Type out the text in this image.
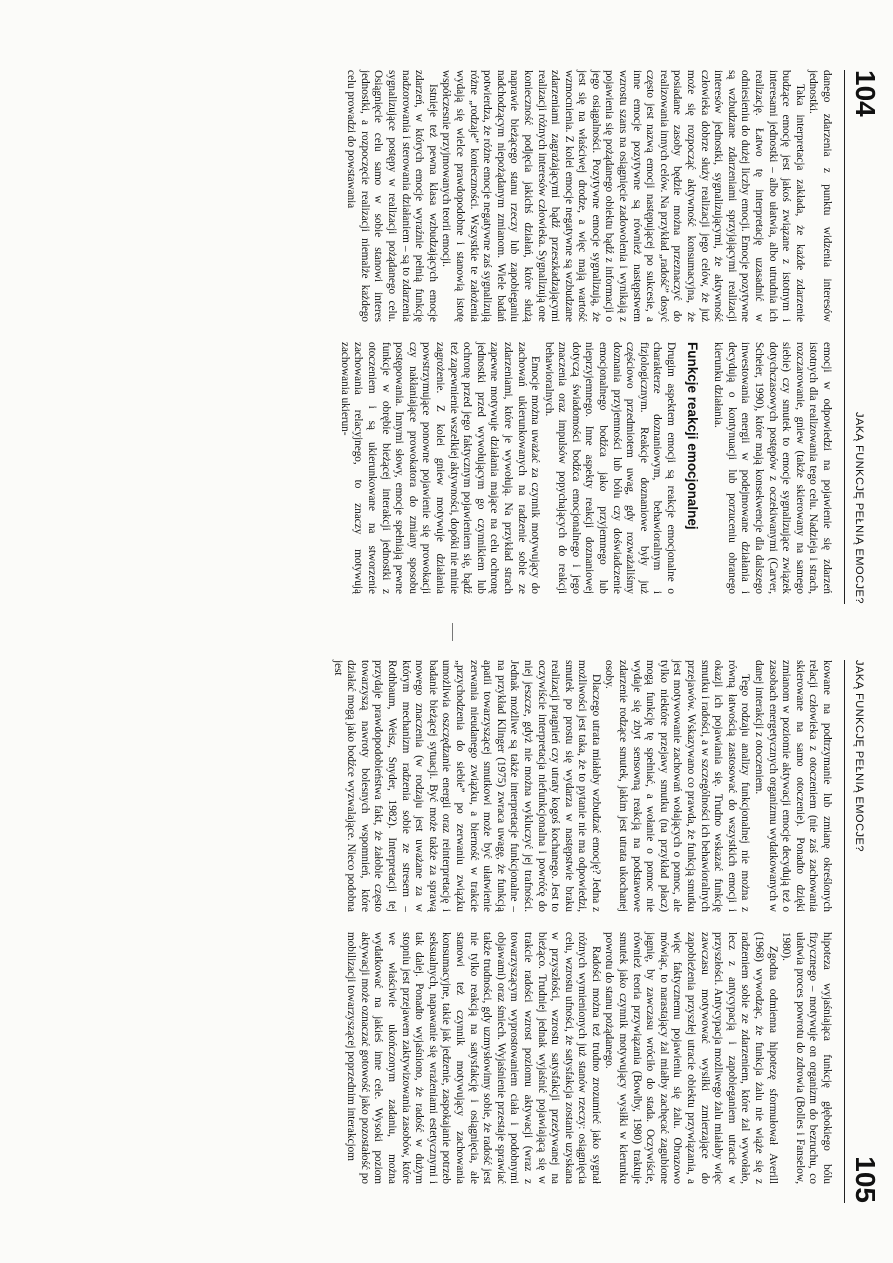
104
JAKĄ FUNKCJĘ PEŁNIĄ EMOCJE?

danego zdarzenia z punktu widzenia interesów jednostki.

Taka interpretacja zakłada, że każde zdarzenie budzące emocję jest jakoś związane z istotnym i interesami jednostki – albo ułatwia, albo utrudnia ich realizację. Łatwo tę interpretację uzasadnić w odniesieniu do dużej liczby emocji. Emocje pozytywne są wzbudzane zdarzeniami sprzyjającymi realizacji interesów jednostki, sygnalizującymi, że aktywność człowieka dobrze służy realizacji jego celów, że już może się rozpocząć aktywność konsumacyjna, że posiadane zasoby będzie można przeznaczyć do realizowania innych celów. Na przykład „radość” dosyć często jest nazwą emocji następującej po sukcesie, a inne emocje pozytywne są również następstwem wzrostu szans na osiągnięcie zadowolenia i wynikają z pojawienia się pożądanego obiektu bądź z informacji o jego osiągalności. Pozytywne emocje sygnalizują, że jest się na właściwej drodze, a więc mają wartość wzmocnienia. Z kolei emocje negatywne są wzbudzane zdarzeniami zagrażającymi bądź przeszkadzającymi realizacji różnych interesów człowieka. Sygnalizują one konieczność podjęcia jakichś działań, które służą naprawie bieżącego stanu rzeczy lub zapobieganiu nadchodzącym niepożądanym zmianom. Wiele badań potwierdza, że różne emocje negatywne zaś sygnalizują różne „rodzaje” konieczności. Wszystkie te założenia wydają się wielce prawdopodobne i stanowią istotę współczesnie przyjmowanych teorii emocji.

Istnieje też pewna klasa wzbudzających emocje zdarzeń, w których emocje wyraźnie pełnią funkcję nadzorowania i sterowania działaniem – są to zdarzenia sygnalizujące postępy w realizacji pożądanego celu. Osiągnięcie celu samo w sobie stanowi interes jednostki, a rozpoczęcie realizacji niemalże każdego celu prowadzi do powstawania

emocji w odpowiedzi na pojawienie się zdarzeń istotnych dla realizowania tego celu. Nadzieja i strach, rozczarowanie, gniew (także skierowany na samego siebie) czy smutek to emocje sygnalizujące związek dotychczasowych postępów z oczekiwanymi (Carver, Scheier, 1990), które mają konsekwencje dla dalszego inwestowania energii w podejmowane działania i decydują o kontynuacji lub porzuceniu obranego kierunku działania.

Funkcje reakcji emocjonalnej

Drugim aspektem emocji są reakcje emocjonalne o charakterze doznaniowym, behawioralnym i fizjologicznym. Reakcje doznaniowe były już częściowo przedmiotem uwag, gdy rozważaliśmy doznania przyjemności lub bólu czy doświadczenie emocjonalnego bodźca jako przyjemnego lub nieprzyjemnego. Inne aspekty reakcji doznaniowej dotyczą świadomości bodźca emocjonalnego i jego znaczenia oraz impulsów popychających do reakcji behawioralnych.

Emocje można uważać za czynnik motywujący do zachowań ukierunkowanych na radzenie sobie ze zdarzeniami, które je wywołują. Na przykład strach zapewne motywuje działania mające na celu ochronę jednostki przed wywołującym go czynnikiem lub ochronę przed jego faktycznym pojawieniem się, bądź też zapewnienie wszelkiej aktywności, dopóki nie minie zagrożenie. Z kolei gniew motywuje działania powstrzymujące ponowne pojawienie się prowokacji czy nakłaniające prowokatora do zmiany sposobu postępowania. Innymi słowy, emocje spełniają pewne funkcje w obrębie bieżącej interakcji jednostki z otoczeniem i są ukierunkowane na stworzenie zachowania relacyjnego, to znaczy motywują zachowania ukierun-

JAKĄ FUNKCJĘ PEŁNIĄ EMOCJE?
105

kowane na podtrzymanie lub zmianę określonych relacji człowieka z otoczeniem (nie zaś zachowania skierowane na samo otoczenie). Ponadto dzięki zmianom w poziomie aktywacji emocje decydują też o zasobach energetycznych organizmu wydatkowanych w danej interakcji z otoczeniem.

Tego rodzaju analizy funkcjonalnej nie można z równą łatwością zastosować do wszystkich emocji i okazji ich pojawiania się. Trudno wskazać funkcję smutku i radości, a w szczególności ich behawioralnych przejawów. Wskazywano co prawda, że funkcją smutku jest motywowanie zachowań wołających o pomoc, ale tylko niektóre przejawy smutku (na przykład płacz) mogą funkcję tę spełniać, a wołanie o pomoc nie wydaje się zbyt sensowną reakcją na podstawowe zdarzenie rodzące smutek, jakim jest utrata ukochanej osoby.

Dlaczego utrata miałaby wzbudzać emocję? Jedna z możliwości jest taka, że to pytanie nie ma odpowiedzi, smutek po prostu się wydarza w następstwie braku realizacji pragnień czy utraty kogoś kochanego. Jest to oczywiście interpretacja niefunkcjonalna i powróćę do niej jeszcze, gdyż nie można wykluczyć jej trafności. Jednak możliwe są także interpretacje funkcjonalne – na przykład Klinger (1975) zwraca uwagę, że funkcją apatii towarzyszącej smutkowi może być ułatwienie zerwania nieudanego związku, a bierność w trakcie „przychodzenia do siebie” po zerwaniu związku umożliwia oszczędzanie energii oraz reinterpretację i badanie bieżącej sytuacji. Być może także za sprawą nowego znaczenia (w rodzaju jest uważane za w którym mechanizm radzenia sobie ze stresem – Rothbaum, Weisz, Snyder, 1982). Interpretacji tej przydaje prawdopodobieństwa fakt, że żałobie często towarzyszą nawroty bolesnych wspomnień, które działać mogą jako bodźce wyzwalające. Nieco podobna jest

hipoteza wyjaśniająca funkcję głębokiego bólu fizycznego – motywuje on organizm do bezruchu, co ułatwia proces powrotu do zdrowia (Bolles i Fanselow, 1980).

Zgodna odmienna hipotezę sformułował Averill (1968) wywodząc, że funkcja żalu nie wiąże się z radzeniem sobie ze zdarzeniem, które żal wywołało, lecz z antycypacją i zapobieganiem utracie w przyszłości. Antycypacja możliwego żalu miałaby więc zawczasu motywować wysiłki zmierzające do zapobieżenia przyszłej utracie obiektu przywiązania, a więc faktycznemu pojawieniu się żalu. Obrazowo mówiąc, to narastający żal miałby zachęcać zagubione jagnię, by zawczasu wróciło do stada. Oczywiście, również teoria przywiązania (Bowlby, 1980) traktuje smutek jako czynnik motywujący wysiłki w kierunku powrotu do stanu pożądanego.

Radości można też trudno zrozumieć jako sygnał różnych wymienionych już stanów rzeczy: osiągnięcia celu, wzrostu ufności, że satysfakcja zostanie uzyskana w przyszłości, wzrostu satysfakcji przeżywanej na bieżąco. Trudniej jednak wyjaśnić pojawiającą się w trakcie radości wzrost poziomu aktywacji (wraz z towarzyszącym wyprostowaniem ciała i podobnymi objawami) oraz śmiech. Wyjaśnienie przestaje sprawiać także trudności, gdy uzmysłowimy sobie, że radość jest nie tylko reakcją na satysfakcję i osiągnięcia, ale stanowi też czynnik motywujący zachowania konsumacyjne, takie jak jedzenie, zaspokajanie potrzeb seksualnych, napawanie się wrażeniami estetycznymi i tak dalej. Ponadto wyjaśniono, że radość w dużym stopniu jest przejawem zaktywizowania zasobów, które we właściwie ukończonym zadaniu, można wydatkować na jakieś inne cele. Wysoki poziom aktywacji może oznaczać gotowość jako pozostałość po mobilizacji towarzyszącej poprzednim interakcjom
